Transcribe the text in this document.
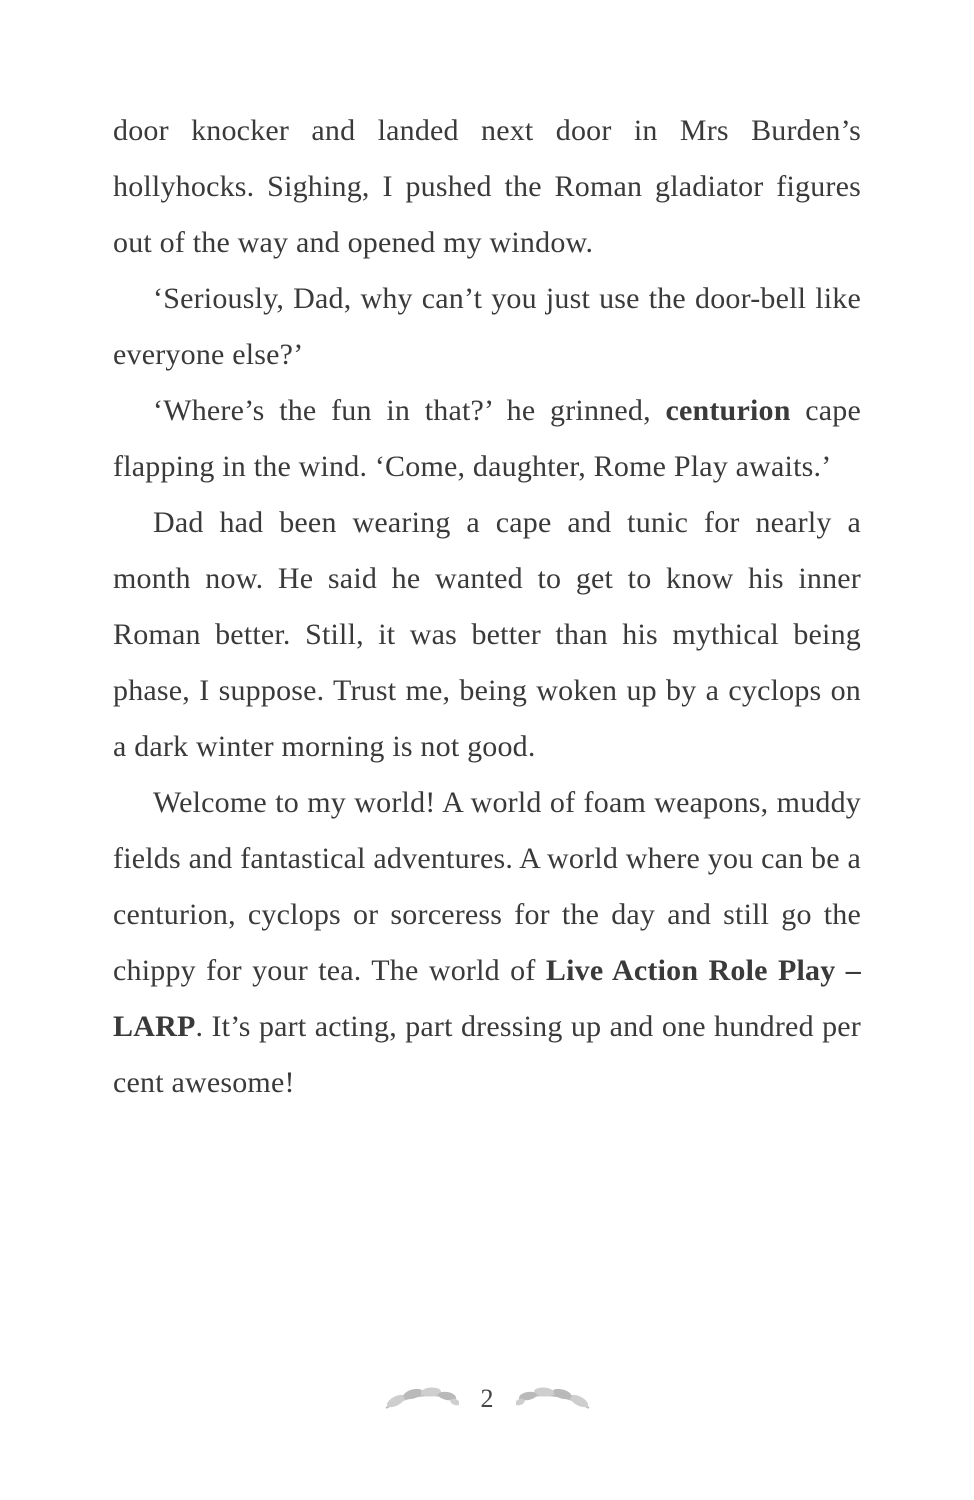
door knocker and landed next door in Mrs Burden’s hollyhocks. Sighing, I pushed the Roman gladiator figures out of the way and opened my window.

‘Seriously, Dad, why can’t you just use the door-bell like everyone else?’

‘Where’s the fun in that?’ he grinned, centurion cape flapping in the wind. ‘Come, daughter, Rome Play awaits.’

Dad had been wearing a cape and tunic for nearly a month now. He said he wanted to get to know his inner Roman better. Still, it was better than his mythical being phase, I suppose. Trust me, being woken up by a cyclops on a dark winter morning is not good.

Welcome to my world! A world of foam weapons, muddy fields and fantastical adventures. A world where you can be a centurion, cyclops or sorceress for the day and still go the chippy for your tea. The world of Live Action Role Play – LARP. It’s part acting, part dressing up and one hundred per cent awesome!

2
